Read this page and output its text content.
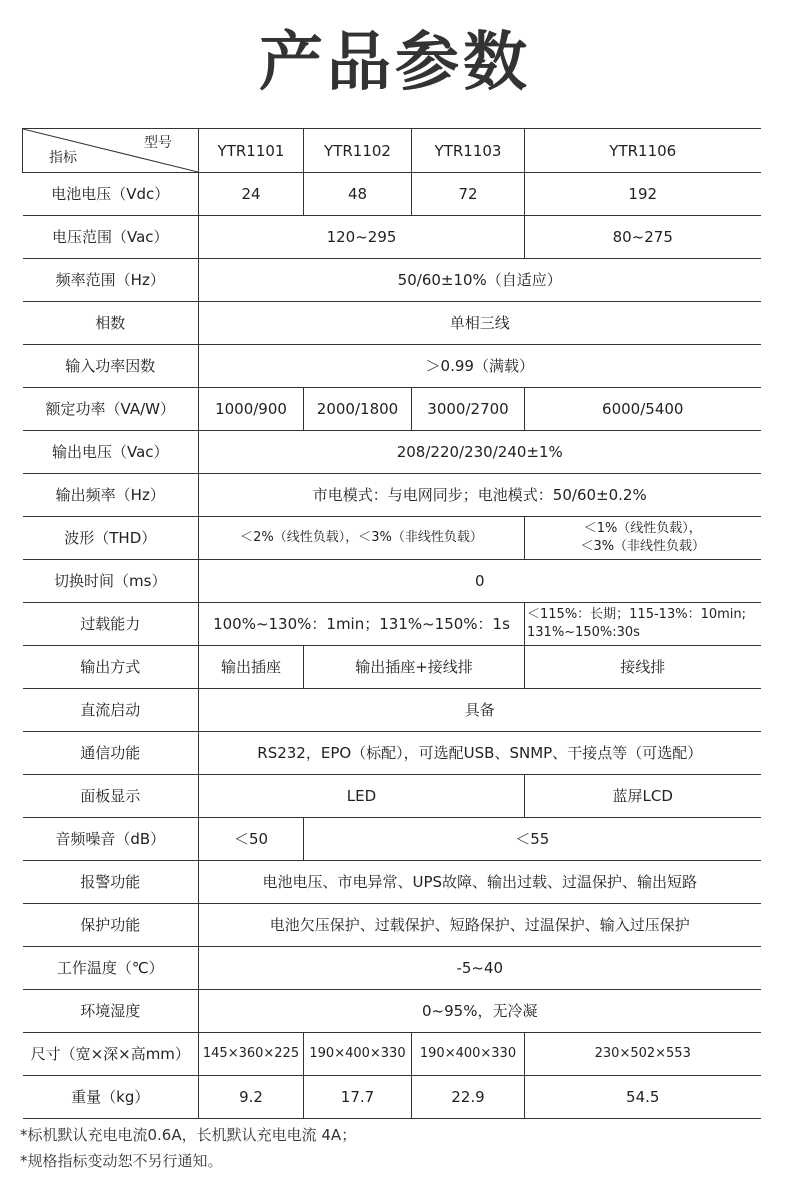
产品参数
型号
指标	YTR1101	YTR1102	YTR1103	YTR1106
电池电压（Vdc）	24	48	72	192
电压范围（Vac）	120~295			80~275
频率范围（Hz）	50/60±10%（自适应）			
相数	单相三线			
输入功率因数	＞0.99（满载）			
额定功率（VA/W）	1000/900	2000/1800	3000/2700	6000/5400
输出电压（Vac）	208/220/230/240±1%			
输出频率（Hz）	市电模式：与电网同步；电池模式：50/60±0.2%			
波形（THD）	＜2%（线性负载），＜3%（非线性负载）			＜1%（线性负载），
＜3%（非线性负载）

切换时间（ms）	0			
过载能力	100%~130%：1min；131%~150%：1s			＜115%：长期；115-13%：10min;
131%~150%:30s

输出方式	输出插座	输出插座+接线排		接线排
直流启动	具备			
通信功能	RS232，EPO（标配），可选配USB、SNMP、干接点等（可选配）			
面板显示	LED			蓝屏LCD
音频噪音（dB）	＜50	＜55		
报警功能	电池电压、市电异常、UPS故障、输出过载、过温保护、输出短路			
保护功能	电池欠压保护、过载保护、短路保护、过温保护、输入过压保护			
工作温度（℃）	-5~40			
环境湿度	0~95%，无冷凝			
尺寸（宽×深×高mm）	145×360×225	190×400×330	190×400×330	230×502×553
重量（kg）	9.2	17.7	22.9	54.5
*标机默认充电电流0.6A，长机默认充电电流 4A；
*规格指标变动恕不另行通知。
